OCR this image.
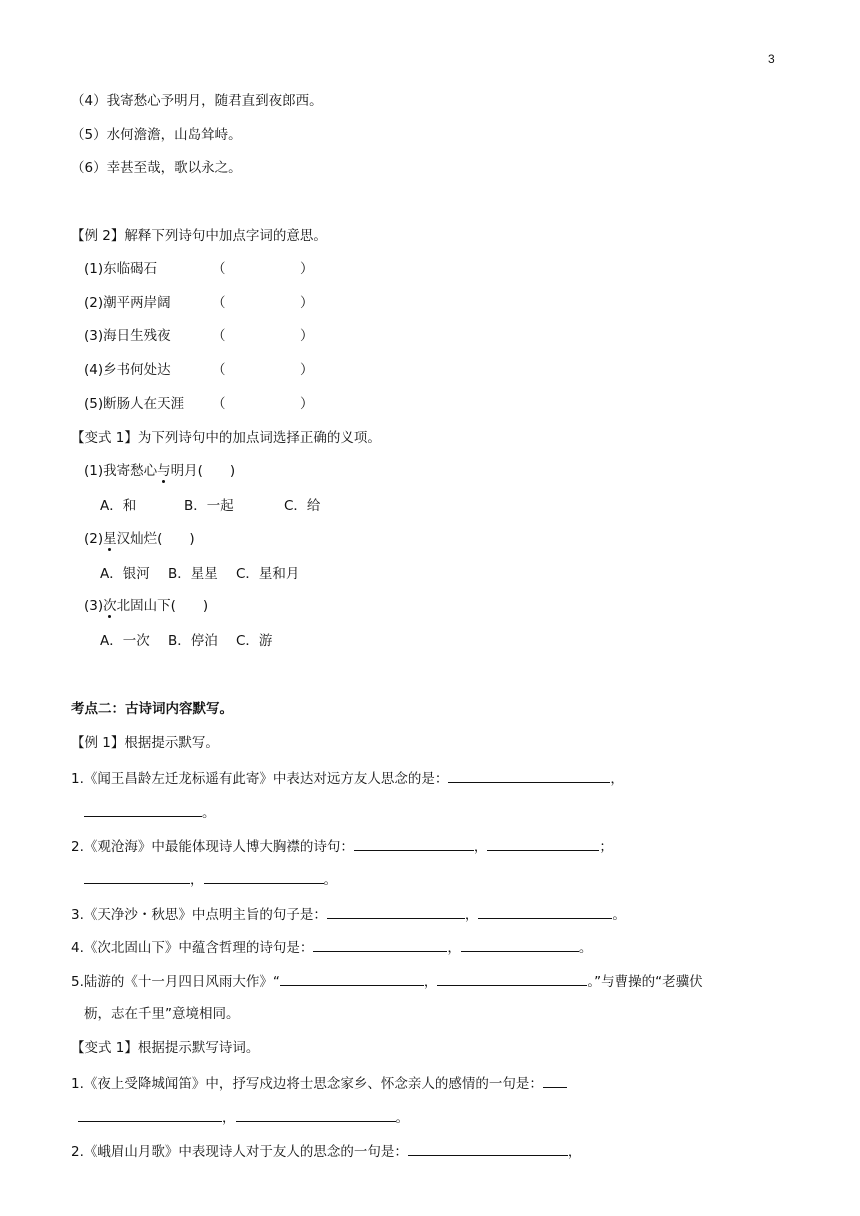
3
（4）我寄愁心予明月，随君直到夜郎西。
（5）水何澹澹，山岛耸峙。
（6）幸甚至哉，歌以永之。
【例 2】解释下列诗句中加点字词的意思。
(1)东临碣石	（	）
(2)潮平两岸阔	（	）
(3)海日生残夜	（	）
(4)乡书何处达	（	）
(5)断肠人在天涯 （	）
【变式 1】为下列诗句中的加点词选择正确的义项。
(1)我寄愁心与明月(　　)
A．和	B．一起	C．给
(2)星汉灿烂(　　)
A．银河 B．星星 C．星和月
(3)次北固山下(　　)
A．一次 B．停泊 C．游
考点二：古诗词内容默写。
【例 1】根据提示默写。
1.《闻王昌龄左迁龙标遥有此寄》中表达对远方友人思念的是：	，
。
2.《观沧海》中最能体现诗人博大胸襟的诗句：	，	；
，	。
3.《天净沙・秋思》中点明主旨的句子是：	，	。
4.《次北固山下》中蕴含哲理的诗句是：	，	。
5.陆游的《十一月四日风雨大作》“	，	。”与曹操的“老骥伏
枥，志在千里”意境相同。
【变式 1】根据提示默写诗词。
1.《夜上受降城闻笛》中，抒写戍边将士思念家乡、怀念亲人的感情的一句是：
，	。
2.《峨眉山月歌》中表现诗人对于友人的思念的一句是：	，
